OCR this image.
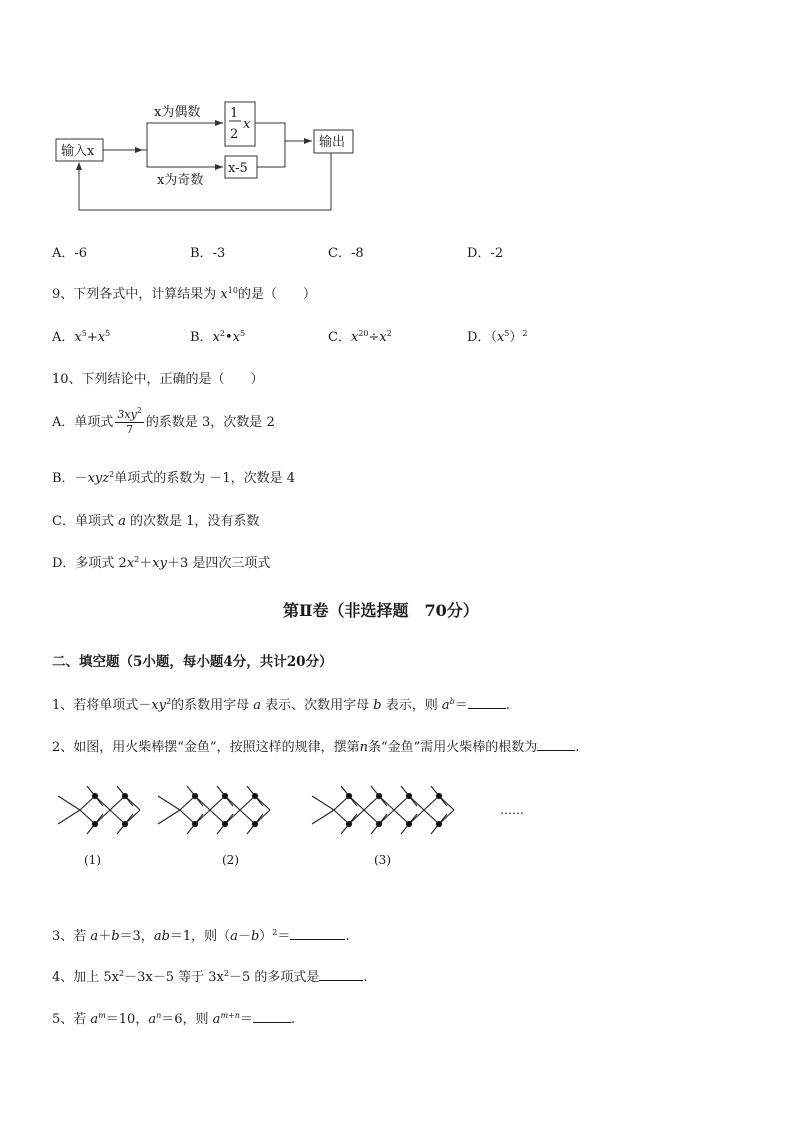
输入x
x为偶数
x为奇数
1
2
x
x-5
输出
A．-6	B．-3	C．-8	D．-2
9、下列各式中，计算结果为 $x^{10}$的是（　　）
A．$x^5+x^5$	B．$x^2•x^5$	C．$x^{20}\div x^2$	D．$(x^5)^2$
10、下列结论中，正确的是（　　）
A．单项式 $\frac{3xy^2}{7}$ 的系数是 3，次数是 2
B．－xyz$^2$单项式的系数为 －1，次数是 4
C．单项式 a 的次数是 1，没有系数
D．多项式 $2x^2+xy+3$ 是四次三项式
第Ⅱ卷（非选择题　70分）
二、填空题（5小题，每小题4分，共计20分）
1、若将单项式$-xy^2$的系数用字母 a 表示、次数用字母 b 表示，则 $a^b=$	.
2、如图，用火柴棒摆“金鱼”，按照这样的规律，摆第n条“金鱼”需用火柴棒的根数为	.
(1)	(2)	(3)
……
3、若 a＋b＝3，ab＝1，则$(a-b)^2=$	.
4、加上 $5x^2-3x-5$ 等于 $3x^2-5$ 的多项式是	.
5、若 $a^m=10$，$a^n=6$，则 $a^{m+n}=$	.
